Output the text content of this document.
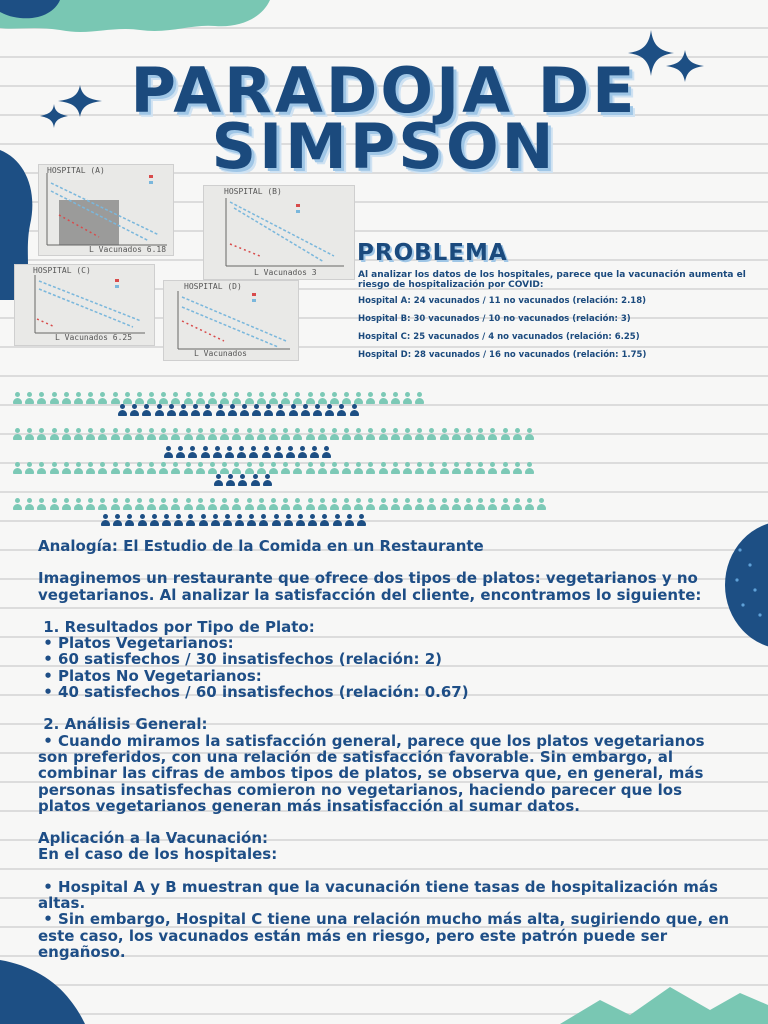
PARADOJA DE
SIMPSON
HOSPITAL (A)
L Vacunados 6.18
HOSPITAL (B)
L Vacunados 3
HOSPITAL (C)
L Vacunados 6.25
HOSPITAL (D)
L Vacunados
PROBLEMA
Al analizar los datos de los hospitales, parece que la vacunación aumenta el riesgo de hospitalización por COVID:
Hospital A: 24 vacunados / 11 no vacunados (relación: 2.18)
Hospital B: 30 vacunados / 10 no vacunados (relación: 3)
Hospital C: 25 vacunados / 4 no vacunados (relación: 6.25)
Hospital D: 28 vacunados / 16 no vacunados (relación: 1.75)

Analogía: El Estudio de la Comida en un Restaurante

Imaginemos un restaurante que ofrece dos tipos de platos: vegetarianos y no vegetarianos. Al analizar la satisfacción del cliente, encontramos lo siguiente:

1. Resultados por Tipo de Plato:

• Platos Vegetarianos:

• 60 satisfechos / 30 insatisfechos (relación: 2)

• Platos No Vegetarianos:

• 40 satisfechos / 60 insatisfechos (relación: 0.67)

2. Análisis General:

• Cuando miramos la satisfacción general, parece que los platos vegetarianos son preferidos, con una relación de satisfacción favorable. Sin embargo, al combinar las cifras de ambos tipos de platos, se observa que, en general, más personas insatisfechas comieron no vegetarianos, haciendo parecer que los platos vegetarianos generan más insatisfacción al sumar datos.

Aplicación a la Vacunación:

En el caso de los hospitales:

• Hospital A y B muestran que la vacunación tiene tasas de hospitalización más altas.

• Sin embargo, Hospital C tiene una relación mucho más alta, sugiriendo que, en este caso, los vacunados están más en riesgo, pero este patrón puede ser engañoso.
